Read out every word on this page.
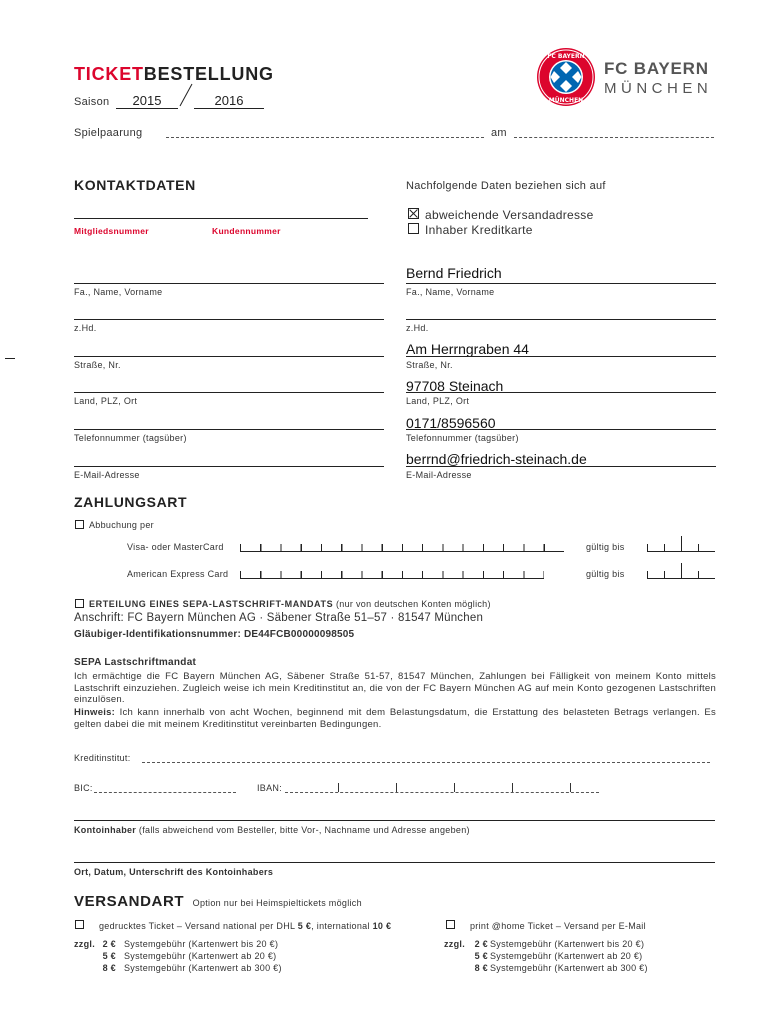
TICKETBESTELLUNG
Saison	2015	2016
Spielpaarung	am
FC BAYERN
MÜNCHEN
FC BAYERN
MÜNCHEN
KONTAKTDATEN	Nachfolgende Daten beziehen sich auf
Mitgliedsnummer	Kundennummer
abweichende Versandadresse
Inhaber Kreditkarte
Fa., Name, Vorname
z.Hd.
Straße, Nr.
Land, PLZ, Ort
Telefonnummer (tagsüber)
E-Mail-Adresse
Bernd Friedrich
Fa., Name, Vorname
z.Hd.
Am Herrngraben 44
Straße, Nr.
97708 Steinach
Land, PLZ, Ort
0171/8596560
Telefonnummer (tagsüber)
berrnd@friedrich-steinach.de
E-Mail-Adresse
ZAHLUNGSART
Abbuchung per
Visa- oder MasterCard	gültig bis
American Express Card	gültig bis
ERTEILUNG EINES SEPA-LASTSCHRIFT-MANDATS (nur von deutschen Konten möglich)
Anschrift: FC Bayern München AG · Säbener Straße 51–57 · 81547 München
Gläubiger-Identifikationsnummer: DE44FCB00000098505
SEPA Lastschriftmandat
Ich ermächtige die FC Bayern München AG, Säbener Straße 51-57, 81547 München, Zahlungen bei Fälligkeit von meinem Konto mittels Lastschrift einzuziehen. Zugleich weise ich mein Kreditinstitut an, die von der FC Bayern München AG auf mein Konto gezogenen Lastschriften einzulösen.
Hinweis: Ich kann innerhalb von acht Wochen, beginnend mit dem Belastungsdatum, die Erstattung des belasteten Betrags verlangen. Es gelten dabei die mit meinem Kreditinstitut vereinbarten Bedingungen.
Kreditinstitut:
BIC:	IBAN:
Kontoinhaber (falls abweichend vom Besteller, bitte Vor-, Nachname und Adresse angeben)
Ort, Datum, Unterschrift des Kontoinhabers
VERSANDART Option nur bei Heimspieltickets möglich
gedrucktes Ticket – Versand national per DHL 5 €, international 10 €	print @home Ticket – Versand per E-Mail
zzgl. 2 € Systemgebühr (Kartenwert bis 20 €)
5 € Systemgebühr (Kartenwert ab 20 €)
8 € Systemgebühr (Kartenwert ab 300 €)
zzgl.	2 € Systemgebühr (Kartenwert bis 20 €)
5 € Systemgebühr (Kartenwert ab 20 €)
8 € Systemgebühr (Kartenwert ab 300 €)
